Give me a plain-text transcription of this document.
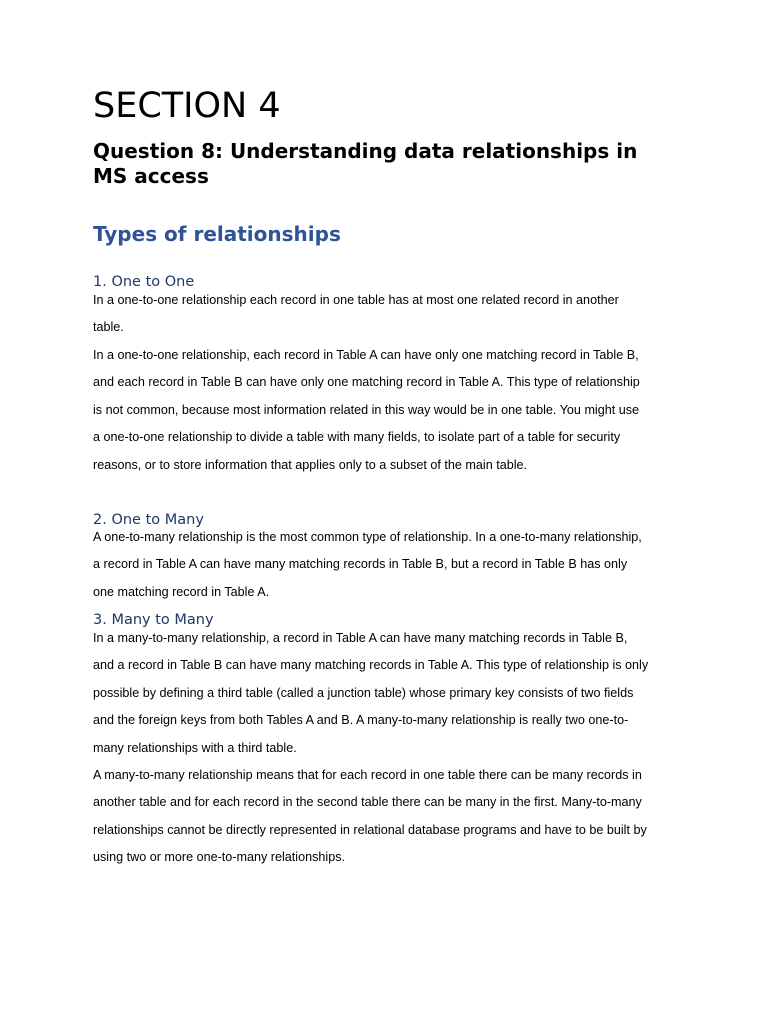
SECTION 4
Question 8: Understanding data relationships in MS access
Types of relationships
1. One to One

In a one-to-one relationship each record in one table has at most one related record in another table.

In a one-to-one relationship, each record in Table A can have only one matching record in Table B, and each record in Table B can have only one matching record in Table A. This type of relationship is not common, because most information related in this way would be in one table. You might use a one-to-one relationship to divide a table with many fields, to isolate part of a table for security reasons, or to store information that applies only to a subset of the main table.

2. One to Many

A one-to-many relationship is the most common type of relationship. In a one-to-many relationship, a record in Table A can have many matching records in Table B, but a record in Table B has only one matching record in Table A.

3. Many to Many

In a many-to-many relationship, a record in Table A can have many matching records in Table B, and a record in Table B can have many matching records in Table A. This type of relationship is only possible by defining a third table (called a junction table) whose primary key consists of two fields and the foreign keys from both Tables A and B. A many-to-many relationship is really two one-to-many relationships with a third table.

A many-to-many relationship means that for each record in one table there can be many records in another table and for each record in the second table there can be many in the first. Many-to-many relationships cannot be directly represented in relational database programs and have to be built by using two or more one-to-many relationships.
